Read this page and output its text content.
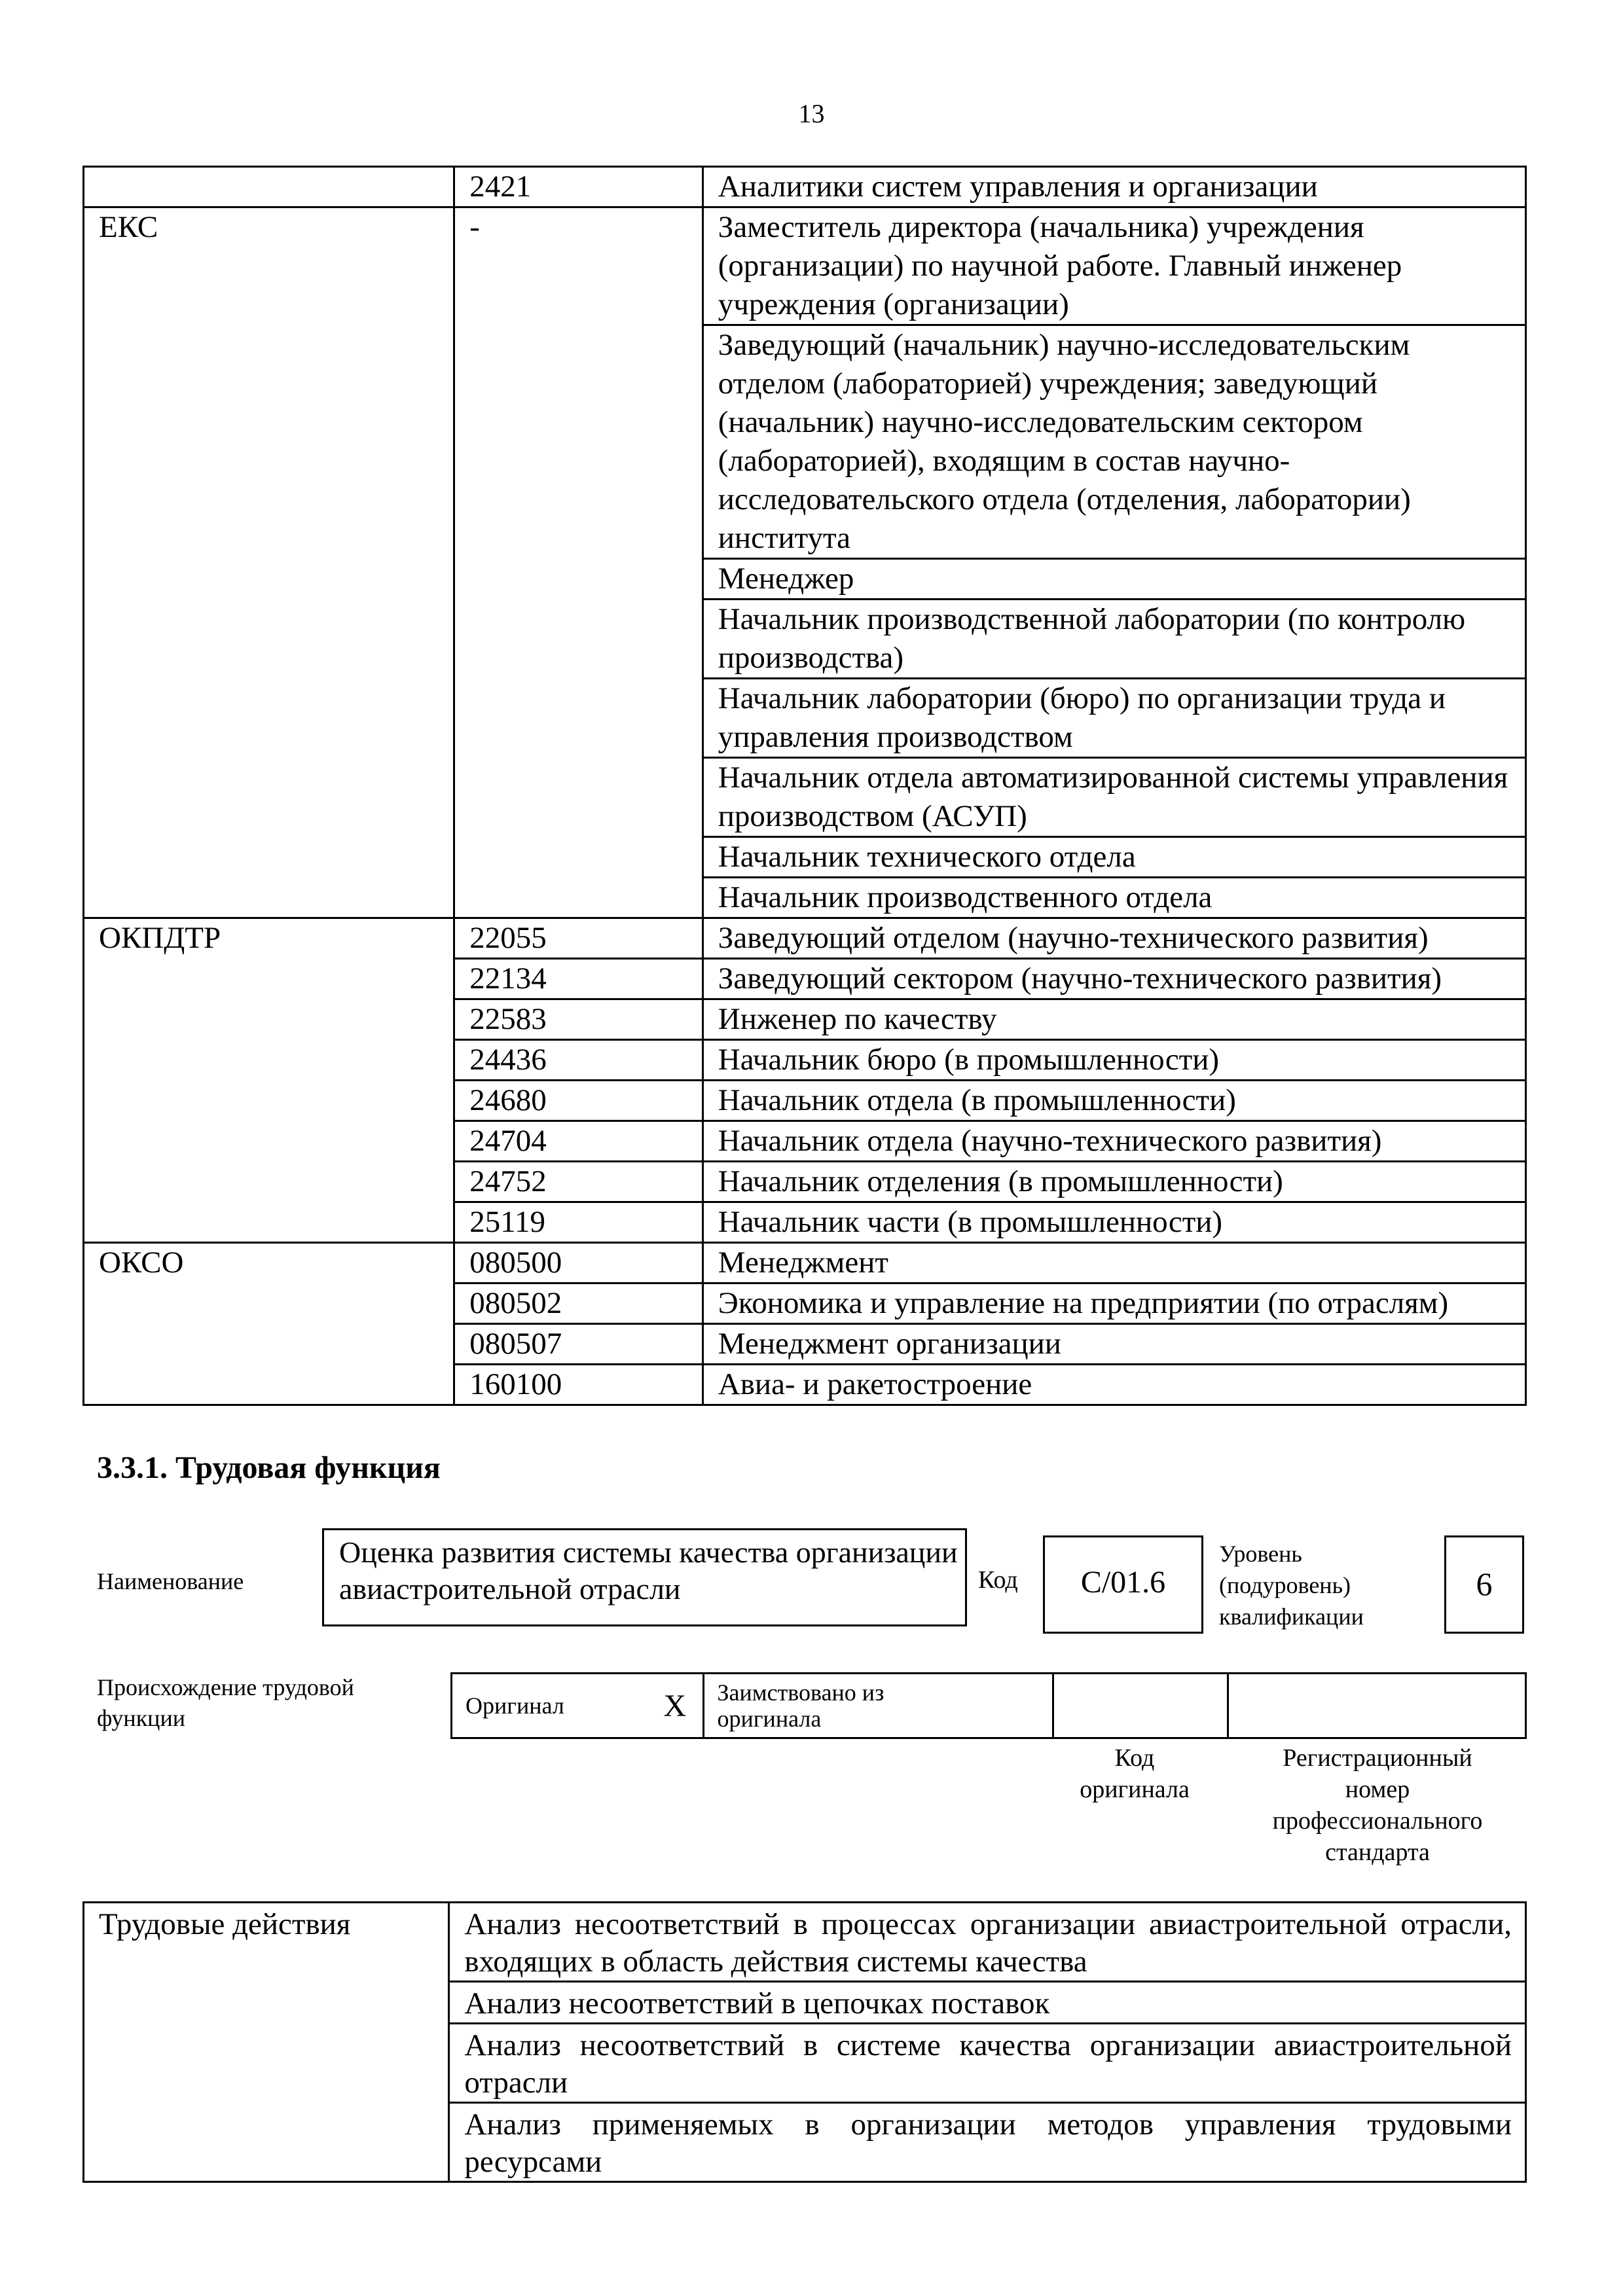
13
	2421	Аналитики систем управления и организации
ЕКС	-	Заместитель директора (начальника) учреждения (организации) по научной работе. Главный инженер учреждения (организации)
		Заведующий (начальник) научно-исследовательским отделом (лабораторией) учреждения; заведующий (начальник) научно-исследовательским сектором (лабораторией), входящим в состав научно-исследовательского отдела (отделения, лаборатории) института
		Менеджер
		Начальник производственной лаборатории (по контролю производства)
		Начальник лаборатории (бюро) по организации труда и управления производством
		Начальник отдела автоматизированной системы управления производством (АСУП)
		Начальник технического отдела
		Начальник производственного отдела
ОКПДТР	22055	Заведующий отделом (научно-технического развития)
	22134	Заведующий сектором (научно-технического развития)
	22583	Инженер по качеству
	24436	Начальник бюро (в промышленности)
	24680	Начальник отдела (в промышленности)
	24704	Начальник отдела (научно-технического развития)
	24752	Начальник отделения (в промышленности)
	25119	Начальник части (в промышленности)
ОКСО	080500	Менеджмент
	080502	Экономика и управление на предприятии (по отраслям)
	080507	Менеджмент организации
	160100	Авиа- и ракетостроение
3.3.1. Трудовая функция
Наименование
Оценка развития системы качества организации авиастроительной отрасли	Код	C/01.6
Уровень
(подуровень)
квалификации
6
Происхождение трудовой
функции	Оригинал	X	Заимствовано из
оригинала

Код
оригинала
Регистрационный
номер
профессионального
стандарта
Трудовые действия	Анализ несоответствий в процессах организации авиастроительной отрасли, входящих в область действия системы качества
Анализ несоответствий в цепочках поставок
Анализ несоответствий в системе качества организации авиастроительной отрасли
Анализ применяемых в организации методов управления трудовыми ресурсами
